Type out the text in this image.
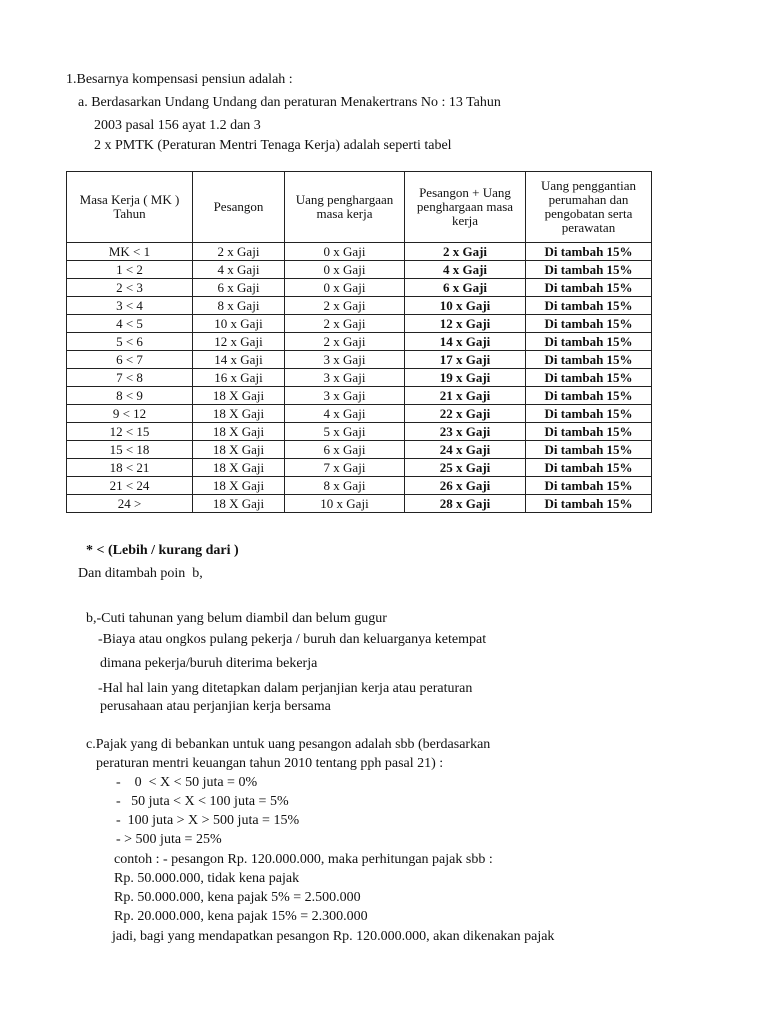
1.Besarnya kompensasi pensiun adalah :
a. Berdasarkan Undang Undang dan peraturan Menakertrans No : 13 Tahun
2003 pasal 156 ayat 1.2 dan 3
2 x PMTK (Peraturan Mentri Tenaga Kerja) adalah seperti tabel
Masa Kerja ( MK )
Tahun	Pesangon	Uang penghargaan masa kerja	Pesangon + Uang penghargaan masa kerja	Uang penggantian perumahan dan pengobatan serta perawatan
MK < 1	2 x Gaji	0 x Gaji	2 x Gaji	Di tambah 15%
1 < 2	4 x Gaji	0 x Gaji	4 x Gaji	Di tambah 15%
2 < 3	6 x Gaji	0 x Gaji	6 x Gaji	Di tambah 15%
3 < 4	8 x Gaji	2 x Gaji	10 x Gaji	Di tambah 15%
4 < 5	10 x Gaji	2 x Gaji	12 x Gaji	Di tambah 15%
5 < 6	12 x Gaji	2 x Gaji	14 x Gaji	Di tambah 15%
6 < 7	14 x Gaji	3 x Gaji	17 x Gaji	Di tambah 15%
7 < 8	16 x Gaji	3 x Gaji	19 x Gaji	Di tambah 15%
8 < 9	18 X Gaji	3 x Gaji	21 x Gaji	Di tambah 15%
9 < 12	18 X Gaji	4 x Gaji	22 x Gaji	Di tambah 15%
12 < 15	18 X Gaji	5 x Gaji	23 x Gaji	Di tambah 15%
15 < 18	18 X Gaji	6 x Gaji	24 x Gaji	Di tambah 15%
18 < 21	18 X Gaji	7 x Gaji	25 x Gaji	Di tambah 15%
21 < 24	18 X Gaji	8 x Gaji	26 x Gaji	Di tambah 15%
24 >	18 X Gaji	10 x Gaji	28 x Gaji	Di tambah 15%
* < (Lebih / kurang dari )
Dan ditambah poin  b,
b,-Cuti tahunan yang belum diambil dan belum gugur
-Biaya atau ongkos pulang pekerja / buruh dan keluarganya ketempat
dimana pekerja/buruh diterima bekerja
-Hal hal lain yang ditetapkan dalam perjanjian kerja atau peraturan
perusahaan atau perjanjian kerja bersama
c.Pajak yang di bebankan untuk uang pesangon adalah sbb (berdasarkan
peraturan mentri keuangan tahun 2010 tentang pph pasal 21) :
-    0  < X < 50 juta = 0%
-   50 juta < X < 100 juta = 5%
-  100 juta > X > 500 juta = 15%
- > 500 juta = 25%
contoh : - pesangon Rp. 120.000.000, maka perhitungan pajak sbb :
Rp. 50.000.000, tidak kena pajak
Rp. 50.000.000, kena pajak 5% = 2.500.000
Rp. 20.000.000, kena pajak 15% = 2.300.000
jadi, bagi yang mendapatkan pesangon Rp. 120.000.000, akan dikenakan pajak
